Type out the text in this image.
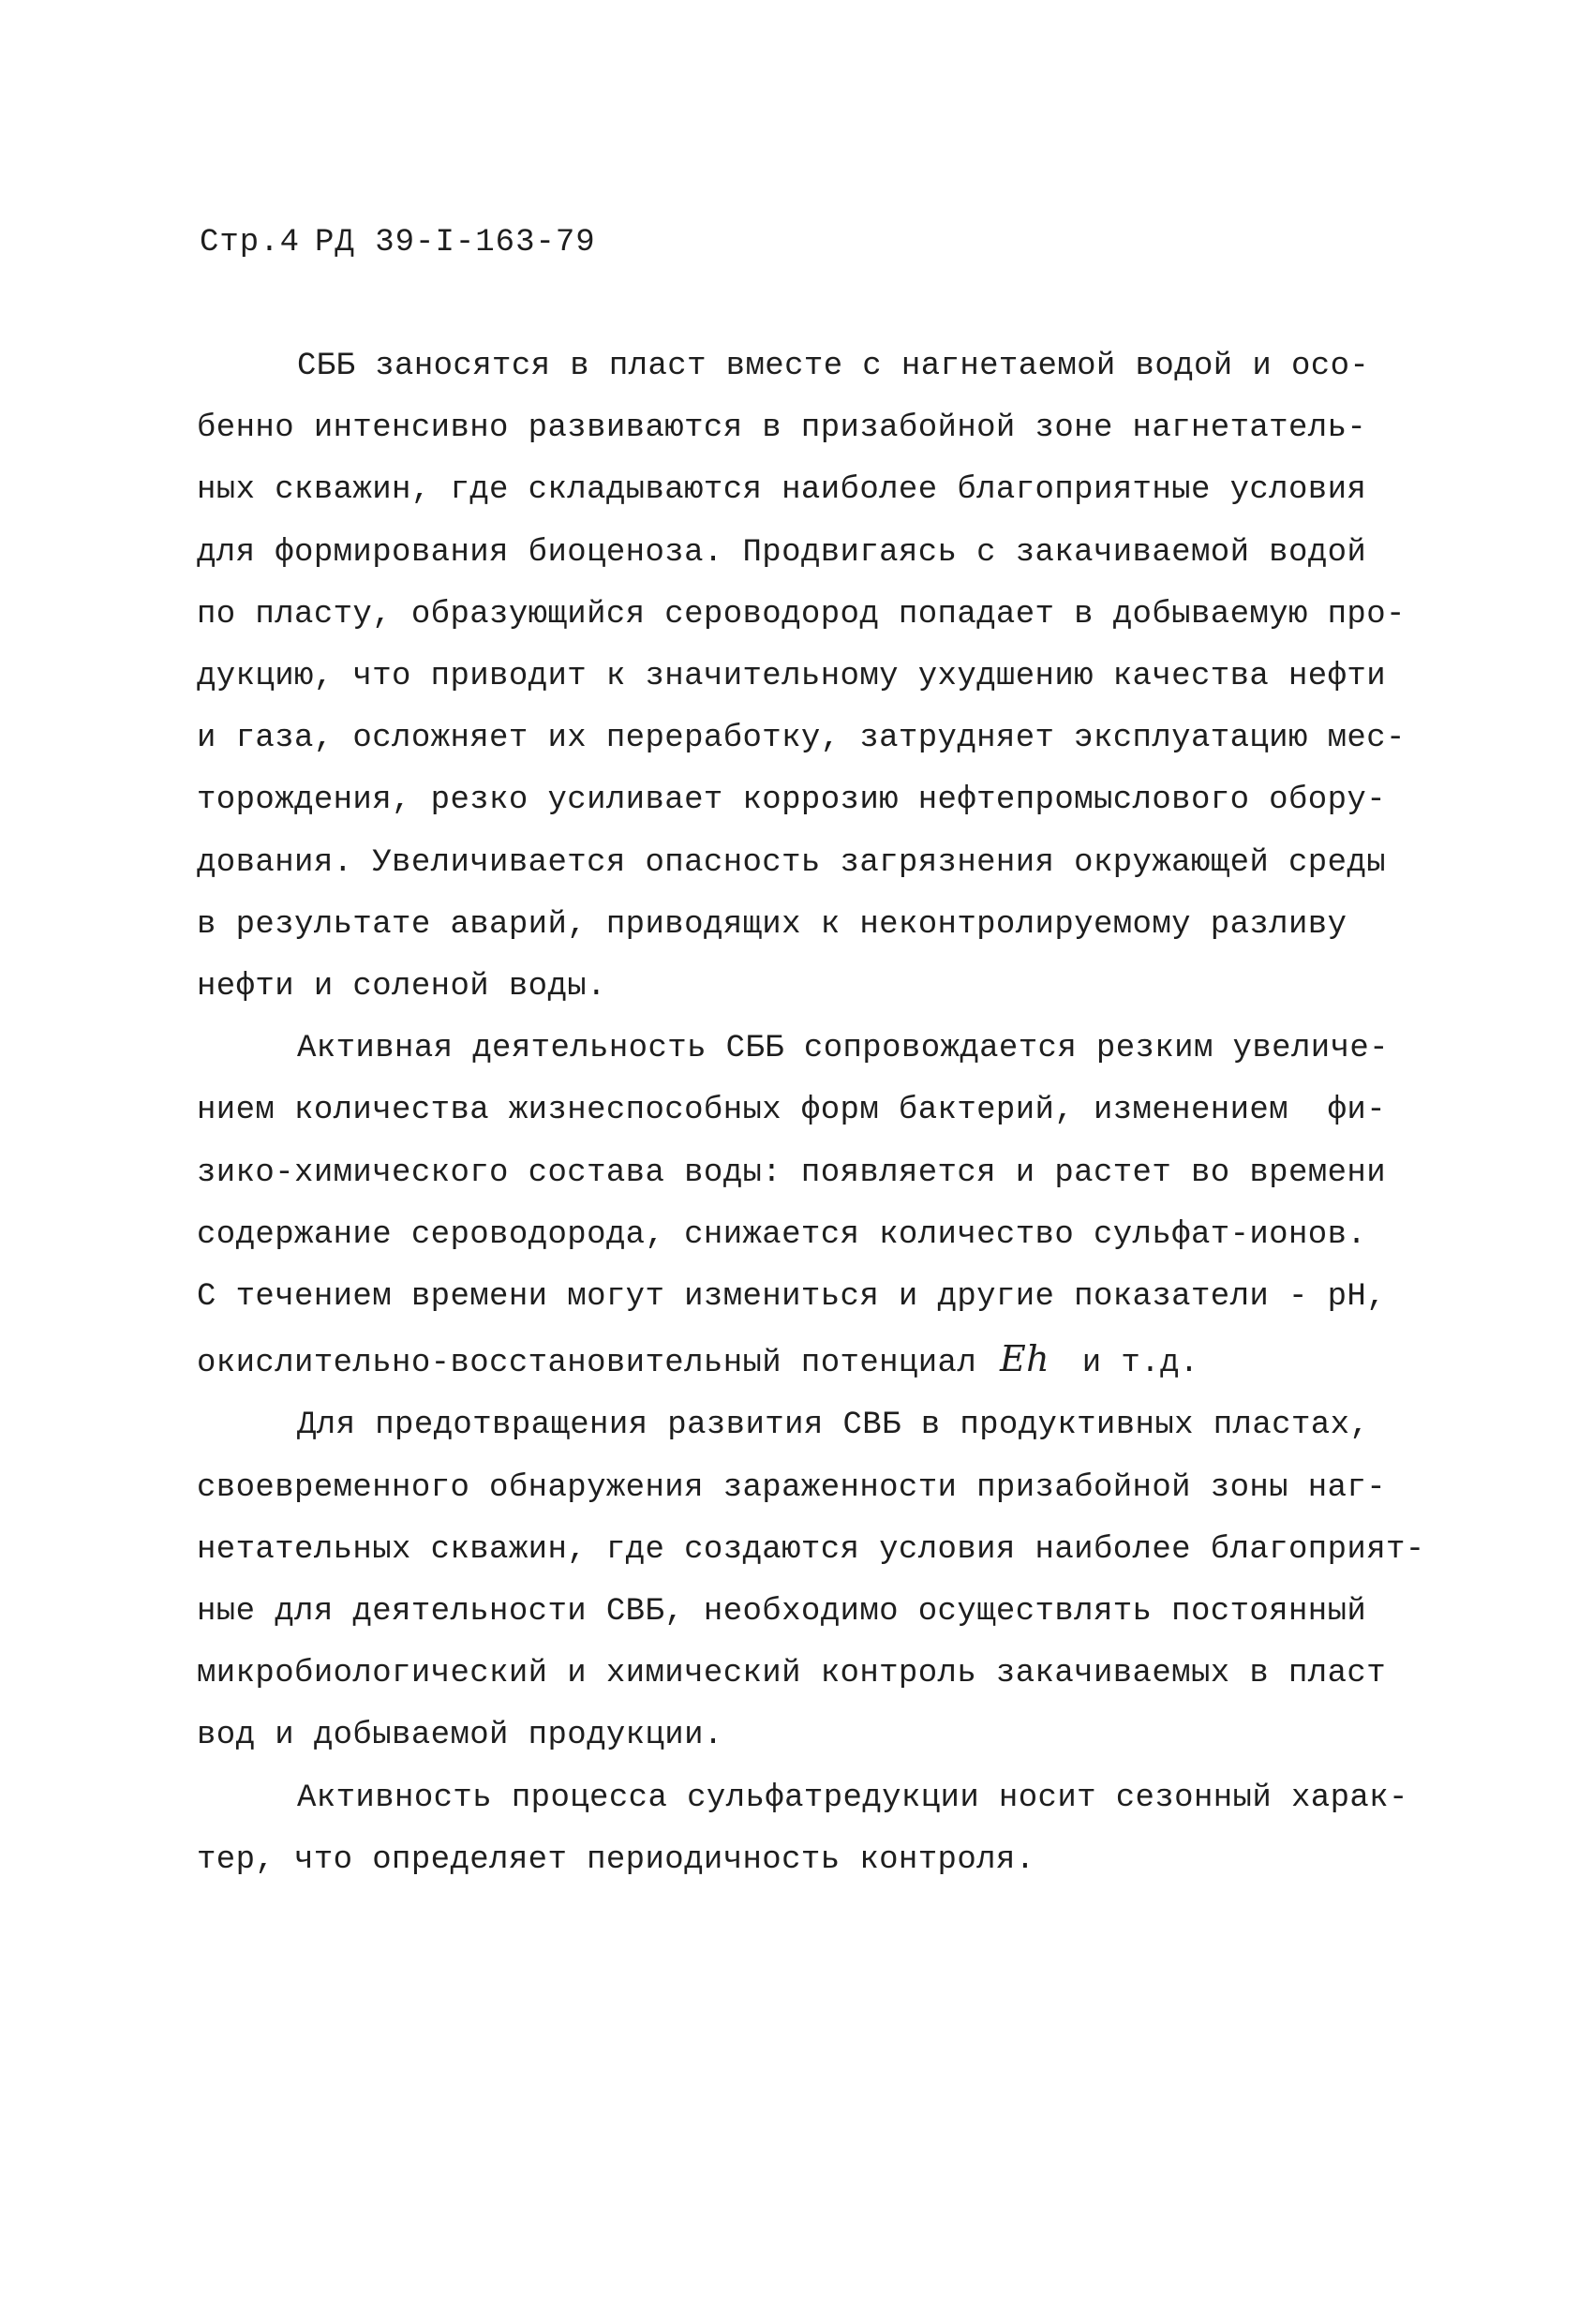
Стр.4 РД 39-I-163-79
СББ заносятся в пласт вместе с нагнетаемой водой и осо-
бенно интенсивно развиваются в призабойной зоне нагнетатель-
ных скважин, где складываются наиболее благоприятные условия
для формирования биоценоза. Продвигаясь с закачиваемой водой
по пласту, образующийся сероводород попадает в добываемую про-
дукцию, что приводит к значительному ухудшению качества нефти
и газа, осложняет их переработку, затрудняет эксплуатацию мес-
торождения, резко усиливает коррозию нефтепромыслового обору-
дования. Увеличивается опасность загрязнения окружающей среды
в результате аварий, приводящих к неконтролируемому разливу
нефти и соленой воды.
Активная деятельность СББ сопровождается резким увеличе-
нием количества жизнеспособных форм бактерий, изменением  фи-
зико-химического состава воды: появляется и растет во времени
содержание сероводорода, снижается количество сульфат-ионов.
С течением времени могут измениться и другие показатели - рН,
окислительно-восстановительный потенциал Eh и т.д.
Для предотвращения развития СВБ в продуктивных пластах,
своевременного обнаружения зараженности призабойной зоны наг-
нетательных скважин, где создаются условия наиболее благоприят-
ные для деятельности СВБ, необходимо осуществлять постоянный
микробиологический и химический контроль закачиваемых в пласт
вод и добываемой продукции.
Активность процесса сульфатредукции носит сезонный харак-
тер, что определяет периодичность контроля.
